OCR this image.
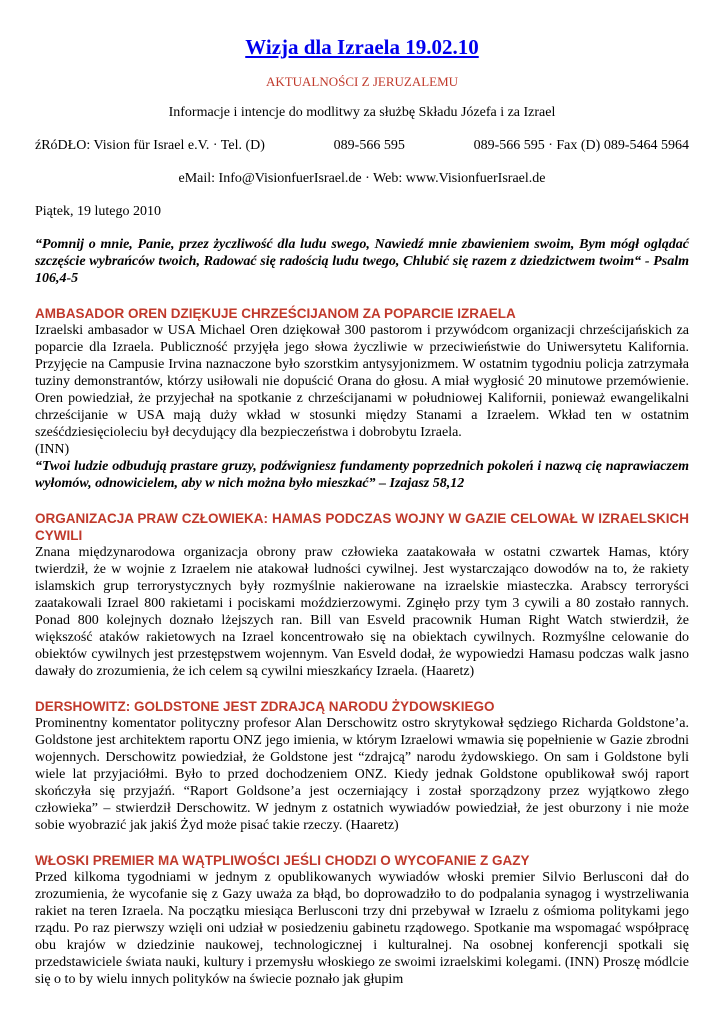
Wizja dla Izraela 19.02.10
AKTUALNOŚCI Z JERUZALEMU
Informacje i intencje do modlitwy za służbę Składu Józefa i za Izrael
źRóDŁO: Vision für Israel e.V. · Tel. (D)	089-566 595	089-566 595 · Fax (D) 089-5464 5964
eMail: Info@VisionfuerIsrael.de · Web: www.VisionfuerIsrael.de
Piątek, 19 lutego 2010

“Pomnij o mnie, Panie, przez życzliwość dla ludu swego, Nawiedź mnie zbawieniem swoim, Bym mógł oglądać szczęście wybrańców twoich, Radować się radością ludu twego, Chlubić się razem z dziedzictwem twoim“ - Psalm 106,4-5

AMBASADOR OREN DZIĘKUJE CHRZEŚCIJANOM ZA POPARCIE IZRAELA

Izraelski ambasador w USA Michael Oren dziękował 300 pastorom i przywódcom organizacji chrześcijańskich za poparcie dla Izraela. Publiczność przyjęła jego słowa życzliwie w przeciwieństwie do Uniwersytetu Kalifornia. Przyjęcie na Campusie Irvina naznaczone było szorstkim antysyjonizmem. W ostatnim tygodniu policja zatrzymała tuziny demonstrantów, którzy usiłowali nie dopuścić Orana do głosu. A miał wygłosić 20 minutowe przemówienie. Oren powiedział, że przyjechał na spotkanie z chrześcijanami w południowej Kalifornii, ponieważ ewangelikalni chrześcijanie w USA mają duży wkład w stosunki między Stanami a Izraelem. Wkład ten w ostatnim sześćdziesięcioleciu był decydujący dla bezpieczeństwa i dobrobytu Izraela.

(INN)

“Twoi ludzie odbudują prastare gruzy, podźwigniesz fundamenty poprzednich pokoleń i nazwą cię naprawiaczem wyłomów, odnowicielem, aby w nich można było mieszkać” – Izajasz 58,12

ORGANIZACJA PRAW CZŁOWIEKA: HAMAS PODCZAS WOJNY W GAZIE CELOWAŁ W IZRAELSKICH CYWILI

Znana międzynarodowa organizacja obrony praw człowieka zaatakowała w ostatni czwartek Hamas, który twierdził, że w wojnie z Izraelem nie atakował ludności cywilnej. Jest wystarczająco dowodów na to, że rakiety islamskich grup terrorystycznych były rozmyślnie nakierowane na izraelskie miasteczka. Arabscy terroryści zaatakowali Izrael 800 rakietami i pociskami moździerzowymi. Zginęło przy tym 3 cywili a 80 zostało rannych. Ponad 800 kolejnych doznało lżejszych ran. Bill van Esveld pracownik Human Right Watch stwierdził, że większość ataków rakietowych na Izrael koncentrowało się na obiektach cywilnych. Rozmyślne celowanie do obiektów cywilnych jest przestępstwem wojennym. Van Esveld dodał, że wypowiedzi Hamasu podczas walk jasno dawały do zrozumienia, że ich celem są cywilni mieszkańcy Izraela. (Haaretz)

DERSHOWITZ: GOLDSTONE JEST ZDRAJCĄ NARODU ŻYDOWSKIEGO

Prominentny komentator polityczny profesor Alan Derschowitz ostro skrytykował sędziego Richarda Goldstone’a. Goldstone jest architektem raportu ONZ jego imienia, w którym Izraelowi wmawia się popełnienie w Gazie zbrodni wojennych. Derschowitz powiedział, że Goldstone jest “zdrajcą” narodu żydowskiego. On sam i Goldstone byli wiele lat przyjaciółmi. Było to przed dochodzeniem ONZ. Kiedy jednak Goldstone opublikował swój raport skończyła się przyjaźń. “Raport Goldsone’a jest oczerniający i został sporządzony przez wyjątkowo złego człowieka” – stwierdził Derschowitz. W jednym z ostatnich wywiadów powiedział, że jest oburzony i nie może sobie wyobrazić jak jakiś Żyd może pisać takie rzeczy. (Haaretz)

WŁOSKI PREMIER MA WĄTPLIWOŚCI JEŚLI CHODZI O WYCOFANIE Z GAZY

Przed kilkoma tygodniami w jednym z opublikowanych wywiadów włoski premier Silvio Berlusconi dał do zrozumienia, że wycofanie się z Gazy uważa za błąd, bo doprowadziło to do podpalania synagog i wystrzeliwania rakiet na teren Izraela. Na początku miesiąca Berlusconi trzy dni przebywał w Izraelu z ośmioma politykami jego rządu. Po raz pierwszy wzięli oni udział w posiedzeniu gabinetu rządowego. Spotkanie ma wspomagać współpracę obu krajów w dziedzinie naukowej, technologicznej i kulturalnej. Na osobnej konferencji spotkali się przedstawiciele świata nauki, kultury i przemysłu włoskiego ze swoimi izraelskimi kolegami. (INN) Proszę módlcie się o to by wielu innych polityków na świecie poznało jak głupim
